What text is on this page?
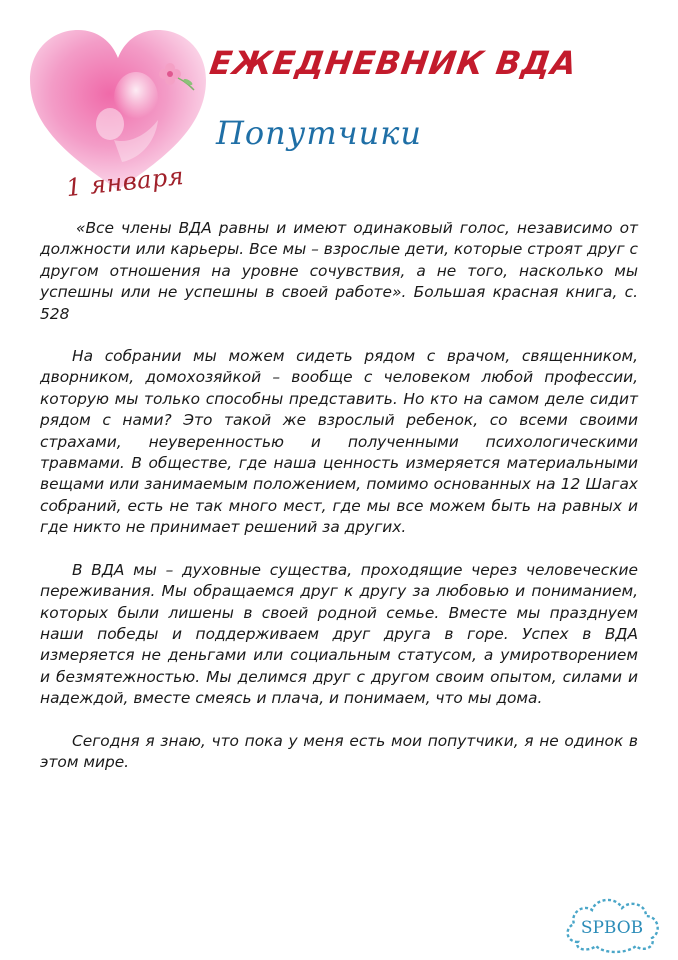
1 января
ЕЖЕДНЕВНИК ВДА
Попутчики

«Все члены ВДА равны и имеют одинаковый голос, независимо от должности или карьеры. Все мы – взрослые дети, которые строят друг с другом отношения на уровне сочувствия, а не того, насколько мы успешны или не успешны в своей работе». Большая красная книга, с. 528

На собрании мы можем сидеть рядом с врачом, священником, дворником, домохозяйкой – вообще с человеком любой профессии, которую мы только способны представить. Но кто на самом деле сидит рядом с нами? Это такой же взрослый ребенок, со всеми своими страхами, неуверенностью и полученными психологическими травмами. В обществе, где наша ценность измеряется материальными вещами или занимаемым положением, помимо основанных на 12 Шагах собраний, есть не так много мест, где мы все можем быть на равных и где никто не принимает решений за других.

В ВДА мы – духовные существа, проходящие через человеческие переживания. Мы обращаемся друг к другу за любовью и пониманием, которых были лишены в своей родной семье. Вместе мы празднуем наши победы и поддерживаем друг друга в горе. Успех в ВДА измеряется не деньгами или социальным статусом, а умиротворением и безмятежностью. Мы делимся друг с другом своим опытом, силами и надеждой, вместе смеясь и плача, и понимаем, что мы дома.

Сегодня я знаю, что пока у меня есть мои попутчики, я не одинок в этом мире.

SPBOB
